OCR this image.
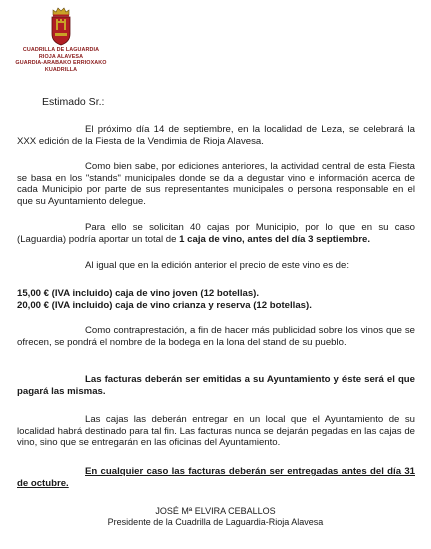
CUADRILLA DE LAGUARDIA
RIOJA ALAVESA
GUARDIA-ARABAKO ERRIOXAKO
KUADRILLA
Estimado Sr.:

El próximo día 14 de septiembre, en la localidad de Leza, se celebrará la XXX edición de la Fiesta de la Vendimia de Rioja Alavesa.

Como bien sabe, por ediciones anteriores, la actividad central de esta Fiesta se basa en los "stands" municipales donde se da a degustar vino e información acerca de cada Municipio por parte de sus representantes municipales o persona responsable en el que su Ayuntamiento delegue.

Para ello se solicitan 40 cajas por Municipio, por lo que en su caso (Laguardia) podría aportar un total de 1 caja de vino, antes del día 3 septiembre.

Al igual que en la edición anterior el precio de este vino es de:

15,00 € (IVA incluido) caja de vino joven (12 botellas).

20,00 € (IVA incluido) caja de vino crianza y reserva (12 botellas).

Como contraprestación, a fin de hacer más publicidad sobre los vinos que se ofrecen, se pondrá el nombre de la bodega en la lona del stand de su pueblo.

Las facturas deberán ser emitidas a su Ayuntamiento y éste será el que pagará las mismas.

Las cajas las deberán entregar en un local que el Ayuntamiento de su localidad habrá destinado para tal fin. Las facturas nunca se dejarán pegadas en las cajas de vino, sino que se entregarán en las oficinas del Ayuntamiento.

En cualquier caso las facturas deberán ser entregadas antes del día 31 de octubre.

JOSÉ Mª ELVIRA CEBALLOS
Presidente de la Cuadrilla de Laguardia-Rioja Alavesa
